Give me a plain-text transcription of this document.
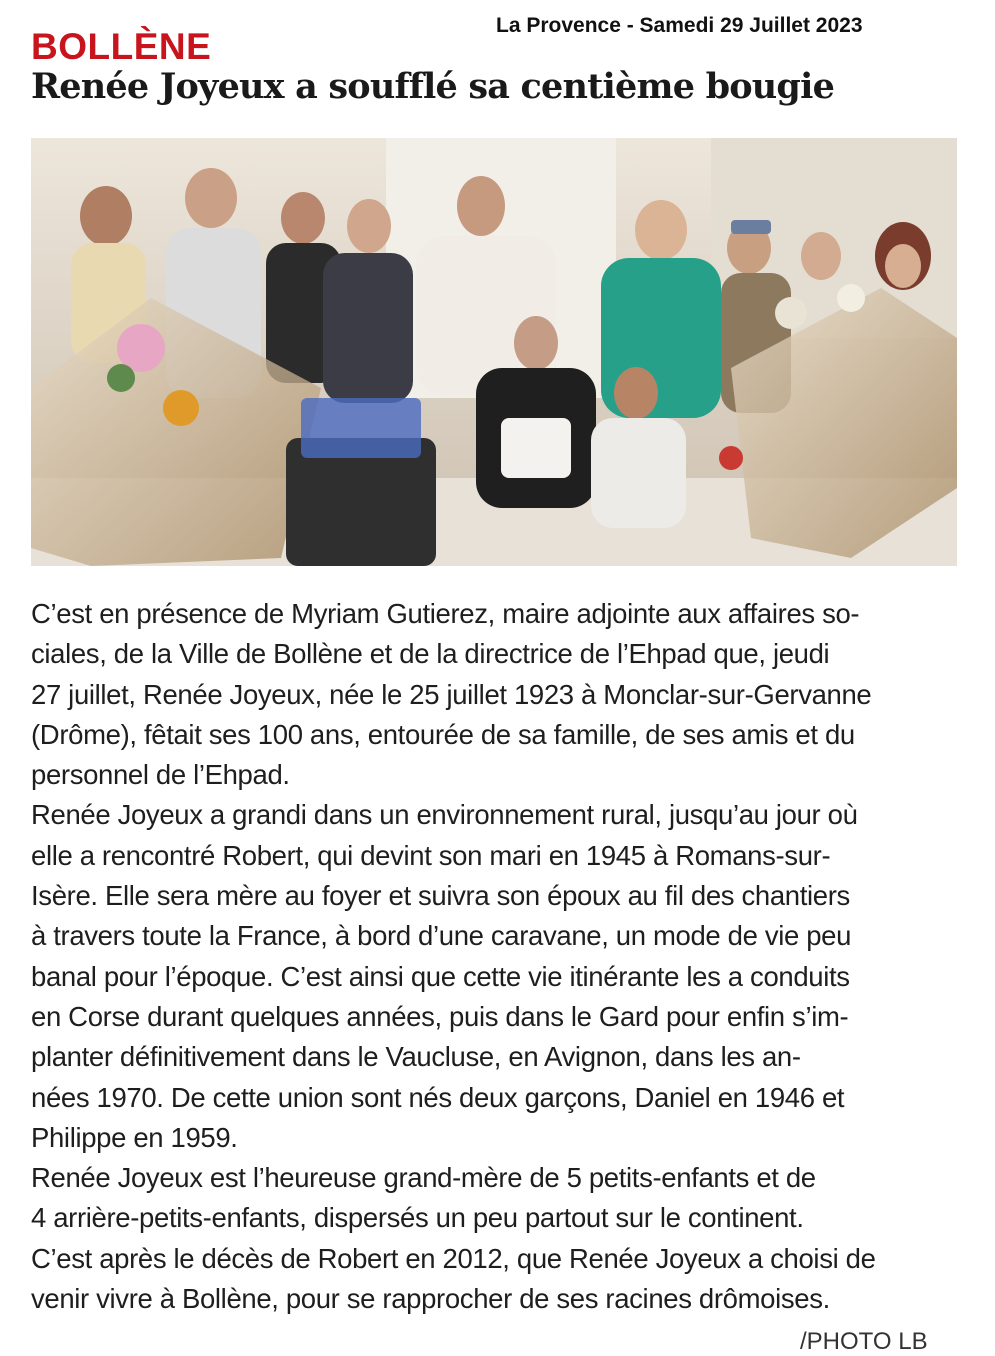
La Provence - Samedi 29 Juillet 2023
BOLLÈNE
Renée Joyeux a soufflé sa centième bougie
C’est en présence de Myriam Gutierez, maire adjointe aux affaires so-
ciales, de la Ville de Bollène et de la directrice de l’Ehpad que, jeudi
27 juillet, Renée Joyeux, née le 25 juillet 1923 à Monclar-sur-Gervanne
(Drôme), fêtait ses 100 ans, entourée de sa famille, de ses amis et du
personnel de l’Ehpad.
Renée Joyeux a grandi dans un environnement rural, jusqu’au jour où
elle a rencontré Robert, qui devint son mari en 1945 à Romans-sur-
Isère. Elle sera mère au foyer et suivra son époux au fil des chantiers
à travers toute la France, à bord d’une caravane, un mode de vie peu
banal pour l’époque. C’est ainsi que cette vie itinérante les a conduits
en Corse durant quelques années, puis dans le Gard pour enfin s’im-
planter définitivement dans le Vaucluse, en Avignon, dans les an-
nées 1970. De cette union sont nés deux garçons, Daniel en 1946 et
Philippe en 1959.
Renée Joyeux est l’heureuse grand-mère de 5 petits-enfants et de
4 arrière-petits-enfants, dispersés un peu partout sur le continent.
C’est après le décès de Robert en 2012, que Renée Joyeux a choisi de
venir vivre à Bollène, pour se rapprocher de ses racines drômoises.
/PHOTO LB
